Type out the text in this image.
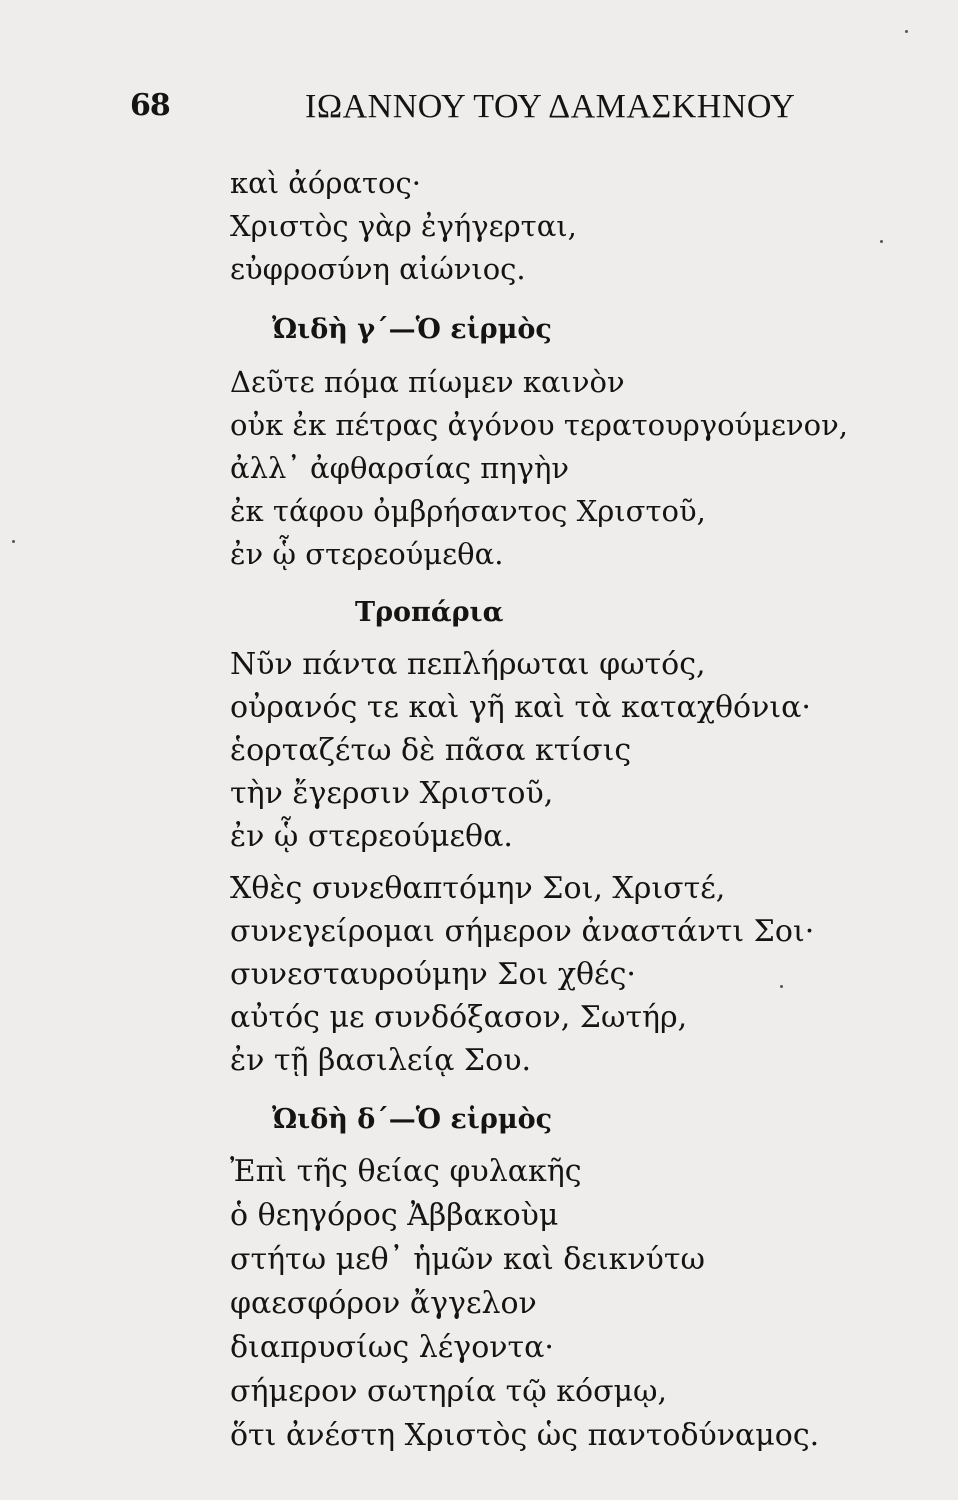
68	ΙΩΑΝΝΟΥ ΤΟΥ ΔΑΜΑΣΚΗΝΟΥ
καὶ ἀόρατος·
Χριστὸς γὰρ ἐγήγερται,
εὐφροσύνη αἰώνιος.
Ὠιδὴ γ΄—Ὁ εἱρμὸς
Δεῦτε πόμα πίωμεν καινὸν
οὐκ ἐκ πέτρας ἀγόνου τερατουργούμενον,
ἀλλ᾿ ἀφθαρσίας πηγὴν
ἐκ τάφου ὀμβρήσαντος Χριστοῦ,
ἐν ᾧ στερεούμεθα.
Τροπάρια
Νῦν πάντα πεπλήρωται φωτός,
οὐρανός τε καὶ γῆ καὶ τὰ καταχθόνια·
ἑορταζέτω δὲ πᾶσα κτίσις
τὴν ἔγερσιν Χριστοῦ,
ἐν ᾧ στερεούμεθα.
Χθὲς συνεθαπτόμην Σοι, Χριστέ,
συνεγείρομαι σήμερον ἀναστάντι Σοι·
συνεσταυρούμην Σοι χθές·
αὐτός με συνδόξασον, Σωτήρ,
ἐν τῇ βασιλείᾳ Σου.
Ὠιδὴ δ΄—Ὁ εἱρμὸς
Ἐπὶ τῆς θείας φυλακῆς
ὁ θεηγόρος Ἀββακοὺμ
στήτω μεθ᾿ ἡμῶν καὶ δεικνύτω
φαεσφόρον ἄγγελον
διαπρυσίως λέγοντα·
σήμερον σωτηρία τῷ κόσμῳ,
ὅτι ἀνέστη Χριστὸς ὡς παντοδύναμος.
